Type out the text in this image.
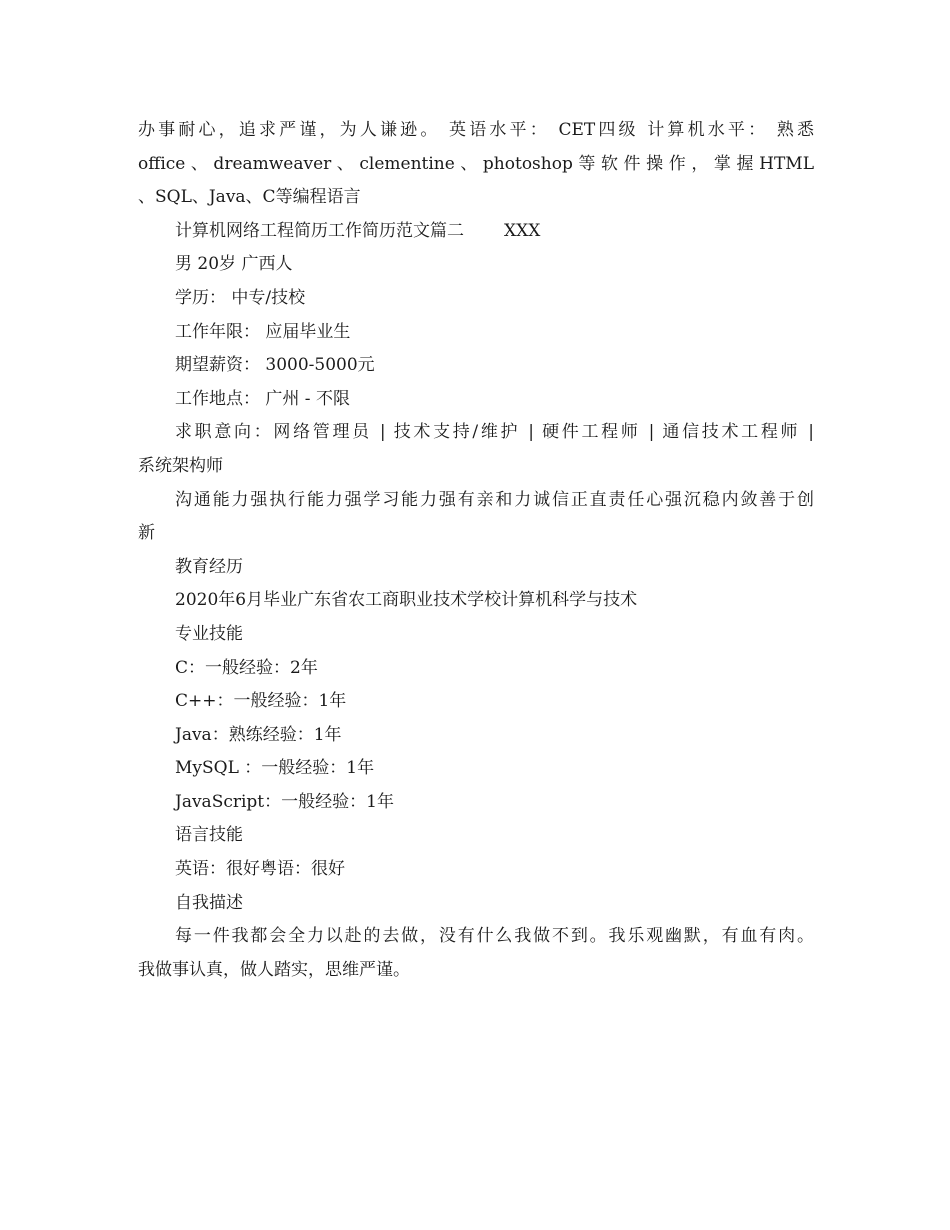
办事耐心，追求严谨，为人谦逊。 英语水平： CET四级 计算机水平： 熟悉
office 、 dreamweaver 、 clementine 、 photoshop 等 软 件 操 作 ， 掌 握 HTML
、SQL、Java、C等编程语言
计算机网络工程简历工作简历范文篇二 XXX
男 20岁 广西人
学历： 中专/技校
工作年限： 应届毕业生
期望薪资： 3000-5000元
工作地点： 广州 - 不限
求职意向：网络管理员 | 技术支持/维护 | 硬件工程师 | 通信技术工程师 |
系统架构师
沟通能力强执行能力强学习能力强有亲和力诚信正直责任心强沉稳内敛善于创
新
教育经历
2020年6月毕业广东省农工商职业技术学校计算机科学与技术
专业技能
C：一般经验：2年
C++：一般经验：1年
Java：熟练经验：1年
MySQL ：一般经验：1年
JavaScript：一般经验：1年
语言技能
英语：很好粤语：很好
自我描述
每一件我都会全力以赴的去做，没有什么我做不到。我乐观幽默，有血有肉。
我做事认真，做人踏实，思维严谨。
